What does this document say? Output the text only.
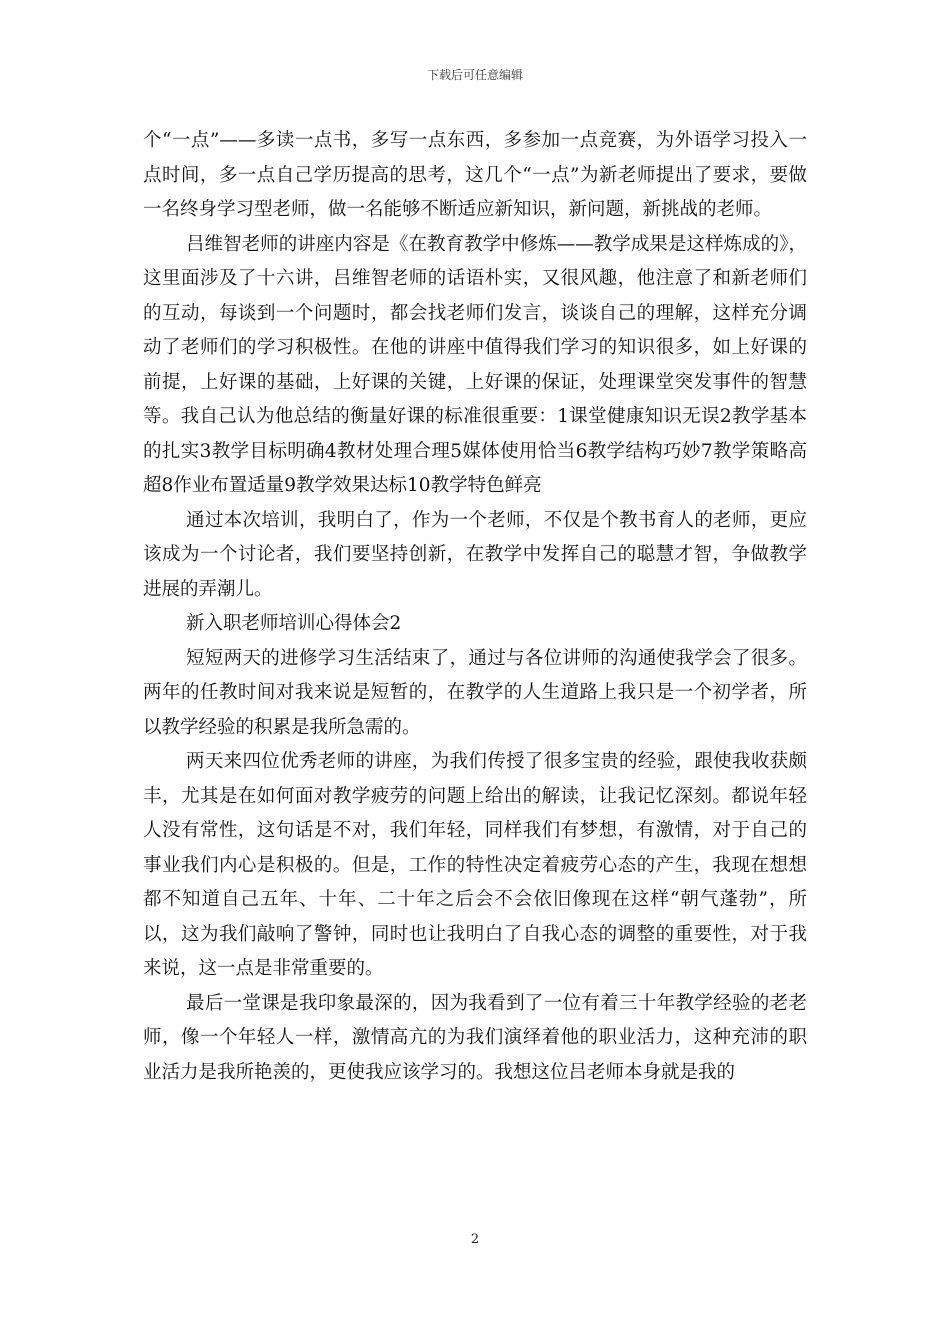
下载后可任意编辑

个“一点”——多读一点书，多写一点东西，多参加一点竞赛，为外语学习投入一点时间，多一点自己学历提高的思考，这几个“一点”为新老师提出了要求，要做一名终身学习型老师，做一名能够不断适应新知识，新问题，新挑战的老师。

吕维智老师的讲座内容是《在教育教学中修炼——教学成果是这样炼成的》，这里面涉及了十六讲，吕维智老师的话语朴实，又很风趣，他注意了和新老师们的互动，每谈到一个问题时，都会找老师们发言，谈谈自己的理解，这样充分调动了老师们的学习积极性。在他的讲座中值得我们学习的知识很多，如上好课的前提，上好课的基础，上好课的关键，上好课的保证，处理课堂突发事件的智慧等。我自己认为他总结的衡量好课的标准很重要：1课堂健康知识无误2教学基本的扎实3教学目标明确4教材处理合理5媒体使用恰当6教学结构巧妙7教学策略高超8作业布置适量9教学效果达标10教学特色鲜亮

通过本次培训，我明白了，作为一个老师，不仅是个教书育人的老师，更应该成为一个讨论者，我们要坚持创新，在教学中发挥自己的聪慧才智，争做教学进展的弄潮儿。

新入职老师培训心得体会2

短短两天的进修学习生活结束了，通过与各位讲师的沟通使我学会了很多。两年的任教时间对我来说是短暂的，在教学的人生道路上我只是一个初学者，所以教学经验的积累是我所急需的。

两天来四位优秀老师的讲座，为我们传授了很多宝贵的经验，跟使我收获颇丰，尤其是在如何面对教学疲劳的问题上给出的解读，让我记忆深刻。都说年轻人没有常性，这句话是不对，我们年轻，同样我们有梦想，有激情，对于自己的事业我们内心是积极的。但是，工作的特性决定着疲劳心态的产生，我现在想想都不知道自己五年、十年、二十年之后会不会依旧像现在这样“朝气蓬勃”，所以，这为我们敲响了警钟，同时也让我明白了自我心态的调整的重要性，对于我来说，这一点是非常重要的。

最后一堂课是我印象最深的，因为我看到了一位有着三十年教学经验的老老师，像一个年轻人一样，激情高亢的为我们演绎着他的职业活力，这种充沛的职业活力是我所艳羡的，更使我应该学习的。我想这位吕老师本身就是我的

2
